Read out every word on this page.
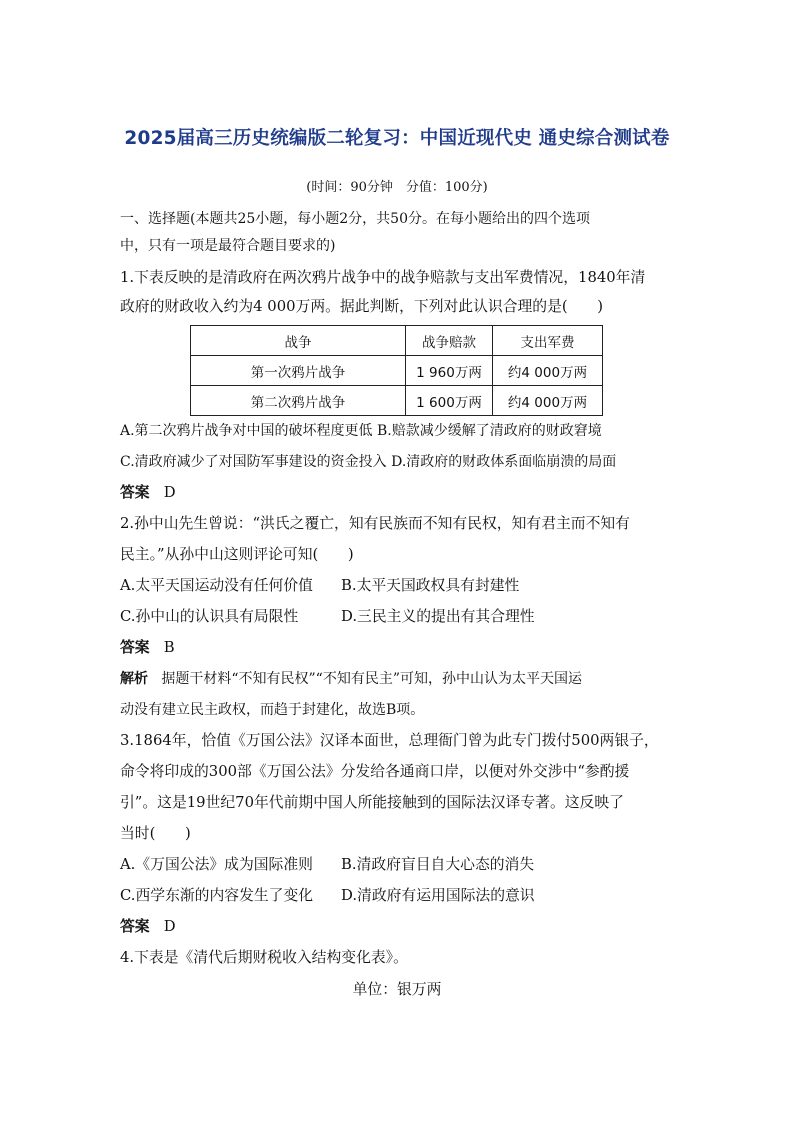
2025届高三历史统编版二轮复习：中国近现代史 通史综合测试卷
(时间：90分钟　分值：100分)
一、选择题(本题共25小题，每小题2分，共50分。在每小题给出的四个选项
中，只有一项是最符合题目要求的)
1.下表反映的是清政府在两次鸦片战争中的战争赔款与支出军费情况，1840年清
政府的财政收入约为4 000万两。据此判断，下列对此认识合理的是(　　)
战争	战争赔款	支出军费
第一次鸦片战争	1 960万两	约4 000万两
第二次鸦片战争	1 600万两	约4 000万两
A.第二次鸦片战争对中国的破坏程度更低 B.赔款减少缓解了清政府的财政窘境
C.清政府减少了对国防军事建设的资金投入 D.清政府的财政体系面临崩溃的局面
答案 D
2.孙中山先生曾说：“洪氏之覆亡，知有民族而不知有民权，知有君主而不知有
民主。”从孙中山这则评论可知(　　)
A.太平天国运动没有任何价值 B.太平天国政权具有封建性
C.孙中山的认识具有局限性	D.三民主义的提出有其合理性
答案 B
解析 据题干材料“不知有民权”“不知有民主”可知，孙中山认为太平天国运
动没有建立民主政权，而趋于封建化，故选B项。
3.1864年，恰值《万国公法》汉译本面世，总理衙门曾为此专门拨付500两银子，
命令将印成的300部《万国公法》分发给各通商口岸，以便对外交涉中“参酌援
引”。这是19世纪70年代前期中国人所能接触到的国际法汉译专著。这反映了
当时(　　)
A.《万国公法》成为国际准则 B.清政府盲目自大心态的消失
C.西学东渐的内容发生了变化 D.清政府有运用国际法的意识
答案 D
4.下表是《清代后期财税收入结构变化表》。
单位：银万两
